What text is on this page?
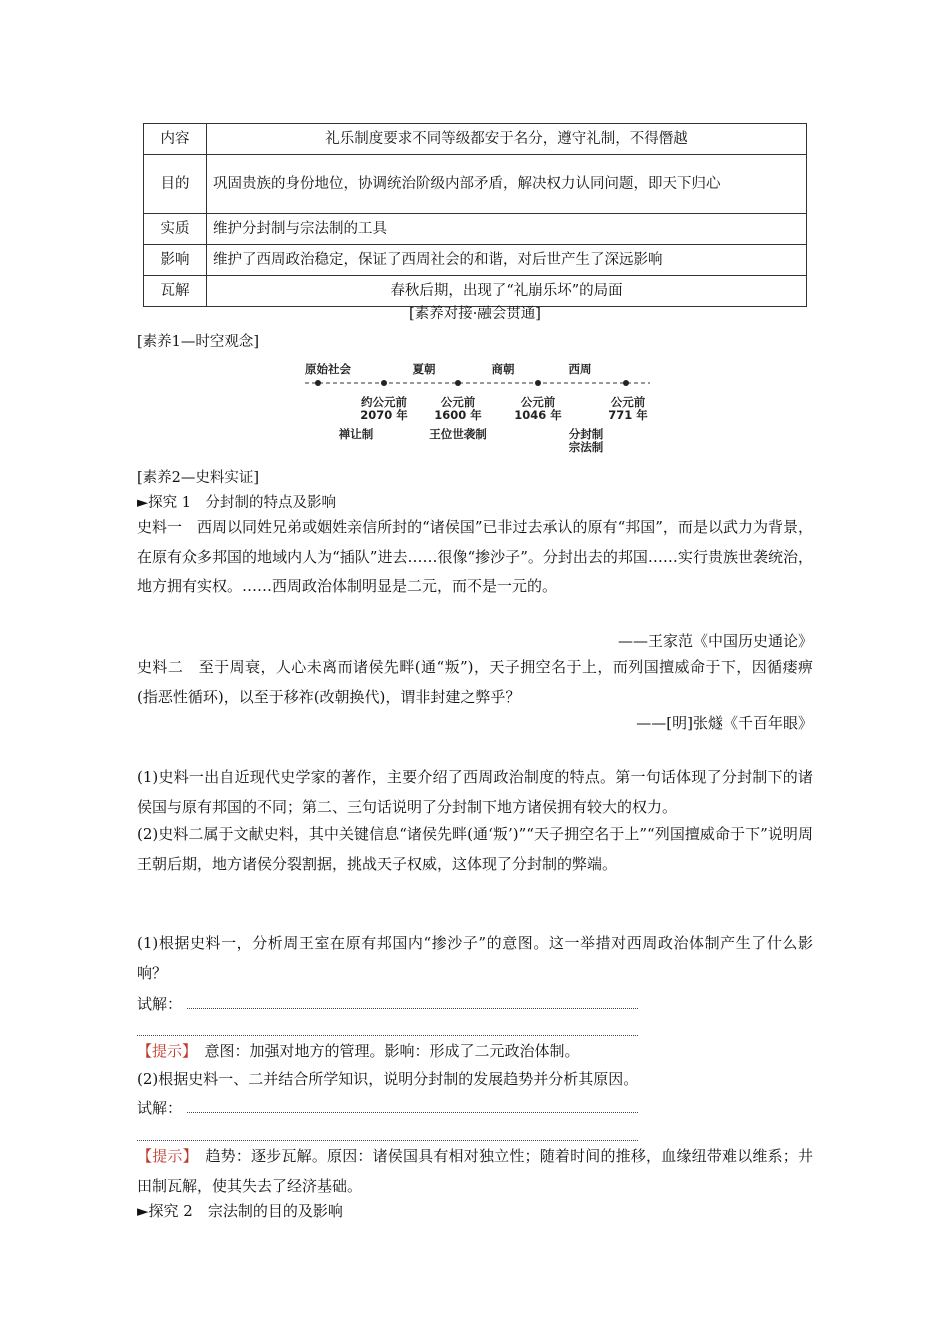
内容	礼乐制度要求不同等级都安于名分，遵守礼制，不得僭越
目的	巩固贵族的身份地位，协调统治阶级内部矛盾，解决权力认同问题，即天下归心
实质	维护分封制与宗法制的工具
影响	维护了西周政治稳定，保证了西周社会的和谐，对后世产生了深远影响
瓦解	春秋后期，出现了“礼崩乐坏”的局面
[素养对接·融会贯通]
[素养1—时空观念]
原始社会	夏朝	商朝	西周
约公元前
2070 年
公元前
1600 年
公元前
1046 年
公元前
771 年
禅让制	王位世袭制	分封制
宗法制
[素养2—史料实证]
►探究 1　分封制的特点及影响
史料一　西周以同姓兄弟或姻姓亲信所封的“诸侯国”已非过去承认的原有“邦国”，而是以武力为背景，在原有众多邦国的地域内人为“插队”进去……很像“掺沙子”。分封出去的邦国……实行贵族世袭统治，地方拥有实权。……西周政治体制明显是二元，而不是一元的。
——王家范《中国历史通论》
史料二　至于周衰，人心未离而诸侯先畔(通“叛”)，天子拥空名于上，而列国擅威命于下，因循瘘痹(指恶性循环)，以至于移祚(改朝换代)，谓非封建之弊乎？
——[明]张燧《千百年眼》
(1)史料一出自近现代史学家的著作，主要介绍了西周政治制度的特点。第一句话体现了分封制下的诸侯国与原有邦国的不同；第二、三句话说明了分封制下地方诸侯拥有较大的权力。
(2)史料二属于文献史料，其中关键信息“诸侯先畔(通‘叛’)”“天子拥空名于上”“列国擅威命于下”说明周王朝后期，地方诸侯分裂割据，挑战天子权威，这体现了分封制的弊端。
(1)根据史料一，分析周王室在原有邦国内“掺沙子”的意图。这一举措对西周政治体制产生了什么影响？
试解：
【提示】　意图：加强对地方的管理。影响：形成了二元政治体制。
(2)根据史料一、二并结合所学知识，说明分封制的发展趋势并分析其原因。
试解：
【提示】　趋势：逐步瓦解。原因：诸侯国具有相对独立性；随着时间的推移，血缘纽带难以维系；井田制瓦解，使其失去了经济基础。
►探究 2　宗法制的目的及影响
